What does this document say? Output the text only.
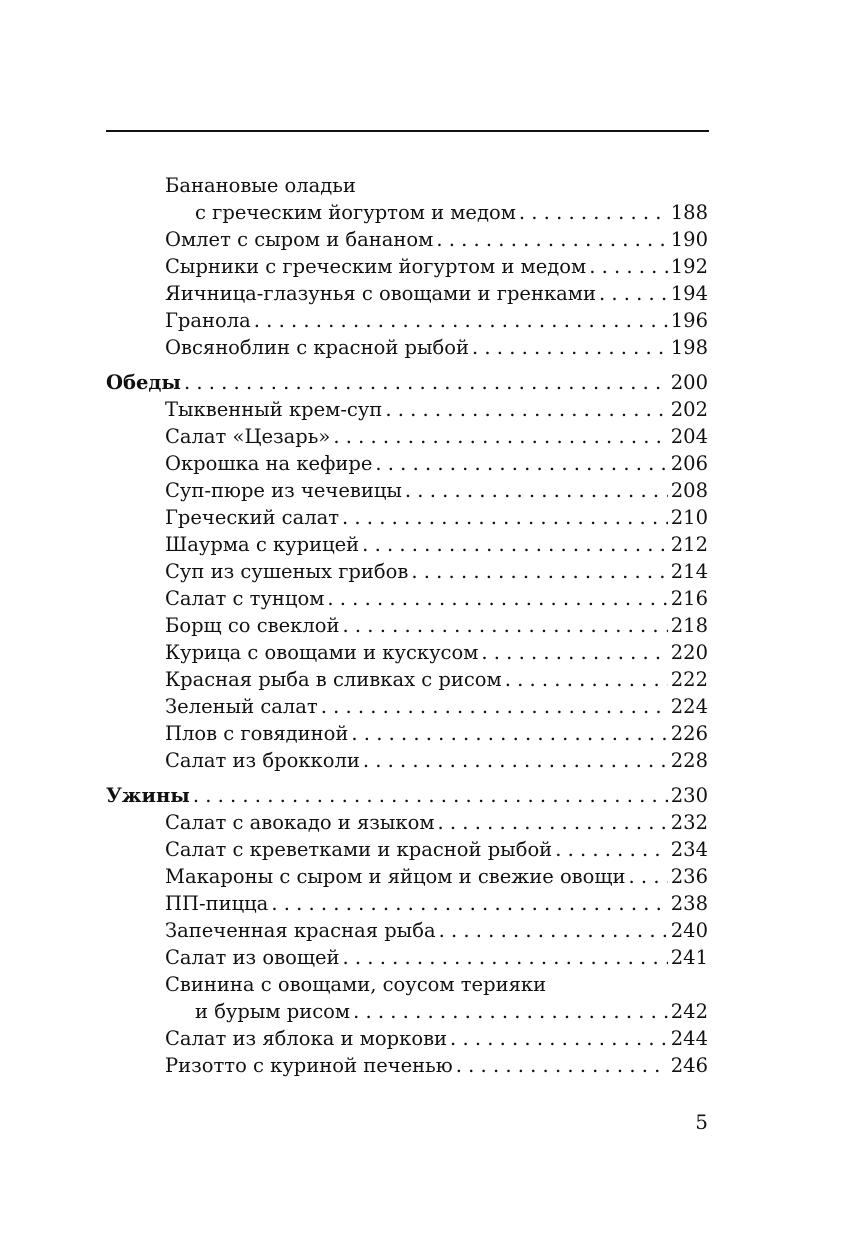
Банановые оладьи
с греческим йогуртом и медом . . .	188
Омлет с сыром и бананом . . .	190
Сырники с греческим йогуртом и медом . . .	192
Яичница-глазунья с овощами и гренками . . .	194
Гранола . . .	196
Овсяноблин с красной рыбой . . .	198
Обеды . . .	200
Тыквенный крем-суп . . .	202
Салат «Цезарь» . . .	204
Окрошка на кефире . . .	206
Суп-пюре из чечевицы . . .	208
Греческий салат . . .	210
Шаурма с курицей . . .	212
Суп из сушеных грибов . . .	214
Салат с тунцом . . .	216
Борщ со свеклой . . .	218
Курица с овощами и кускусом . . .	220
Красная рыба в сливках с рисом . . .	222
Зеленый салат . . .	224
Плов с говядиной . . .	226
Салат из брокколи . . .	228
Ужины . . .	230
Салат с авокадо и языком . . .	232
Салат с креветками и красной рыбой . . .	234
Макароны с сыром и яйцом и свежие овощи . . . 236
ПП-пицца . . .	238
Запеченная красная рыба . . .	240
Салат из овощей . . .	241
Свинина с овощами, соусом терияки
и бурым рисом . . .	242
Салат из яблока и моркови . . .	244
Ризотто с куриной печенью . . .	246
5
